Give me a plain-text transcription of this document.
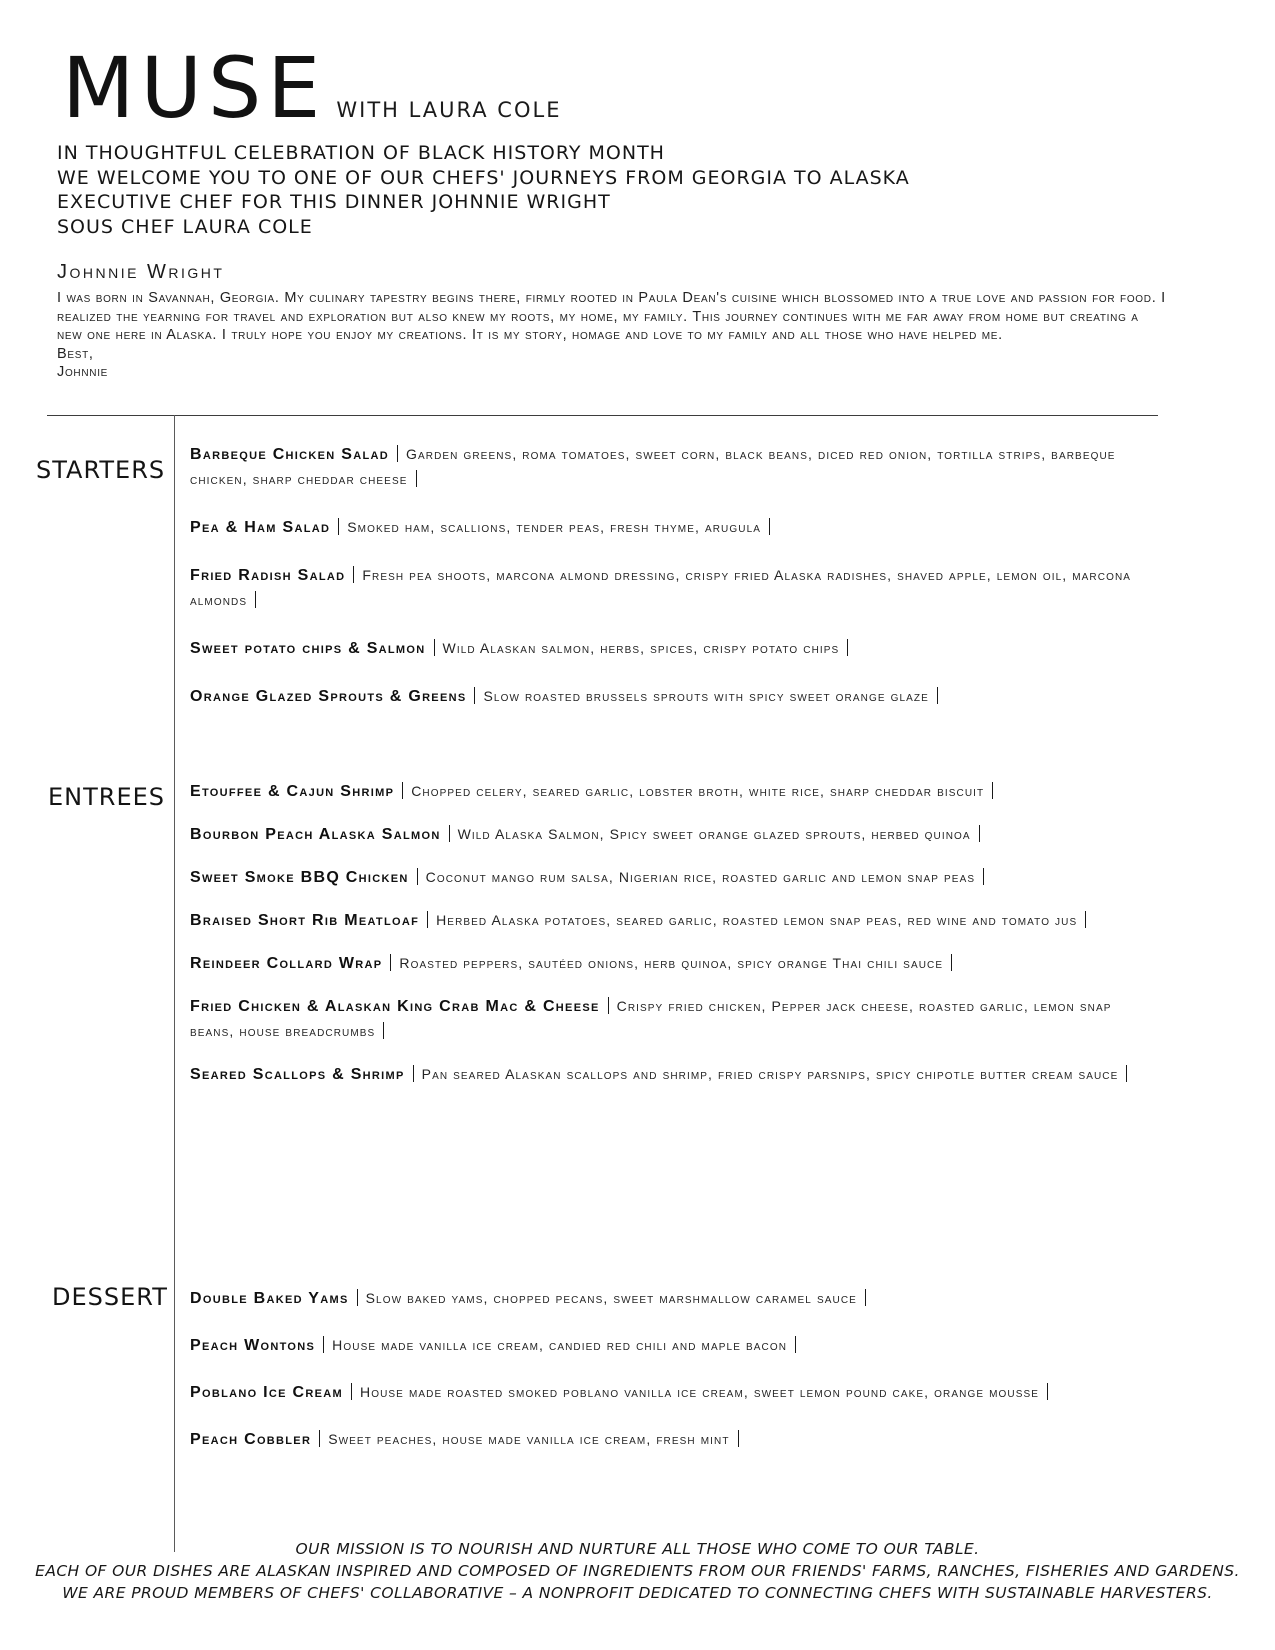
MUSE WITH LAURA COLE
IN THOUGHTFUL CELEBRATION OF BLACK HISTORY MONTH
WE WELCOME YOU TO ONE OF OUR CHEFS' JOURNEYS FROM GEORGIA TO ALASKA
EXECUTIVE CHEF FOR THIS DINNER JOHNNIE WRIGHT
SOUS CHEF LAURA COLE
Johnnie Wright
I was born in Savannah, Georgia. My culinary tapestry begins there, firmly rooted in Paula Dean's cuisine which blossomed into a true love and passion for food. I realized the yearning for travel and exploration but also knew my roots, my home, my family. This journey continues with me far away from home but creating a new one here in Alaska. I truly hope you enjoy my creations. It is my story, homage and love to my family and all those who have helped me.
Best,
Johnnie
STARTERS
ENTREES
DESSERT
Barbeque Chicken Salad Garden greens, roma tomatoes, sweet corn, black beans, diced red onion, tortilla strips, barbeque chicken, sharp cheddar cheese
Pea & Ham Salad Smoked ham, scallions, tender peas, fresh thyme, arugula
Fried Radish Salad Fresh pea shoots, marcona almond dressing, crispy fried Alaska radishes, shaved apple, lemon oil, marcona almonds
Sweet potato chips & Salmon Wild Alaskan salmon, herbs, spices, crispy potato chips
Orange Glazed Sprouts & Greens Slow roasted brussels sprouts with spicy sweet orange glaze
Etouffee & Cajun Shrimp Chopped celery, seared garlic, lobster broth, white rice, sharp cheddar biscuit
Bourbon Peach Alaska Salmon Wild Alaska Salmon, Spicy sweet orange glazed sprouts, herbed quinoa
Sweet Smoke BBQ Chicken Coconut mango rum salsa, Nigerian rice, roasted garlic and lemon snap peas
Braised Short Rib Meatloaf Herbed Alaska potatoes, seared garlic, roasted lemon snap peas, red wine and tomato jus
Reindeer Collard Wrap Roasted peppers, sautéed onions, herb quinoa, spicy orange Thai chili sauce
Fried Chicken & Alaskan King Crab Mac & Cheese Crispy fried chicken, Pepper jack cheese, roasted garlic, lemon snap beans, house breadcrumbs
Seared Scallops & Shrimp Pan seared Alaskan scallops and shrimp, fried crispy parsnips, spicy chipotle butter cream sauce
Double Baked Yams Slow baked yams, chopped pecans, sweet marshmallow caramel sauce
Peach Wontons House made vanilla ice cream, candied red chili and maple bacon
Poblano Ice Cream House made roasted smoked poblano vanilla ice cream, sweet lemon pound cake, orange mousse
Peach Cobbler Sweet peaches, house made vanilla ice cream, fresh mint
OUR MISSION IS TO NOURISH AND NURTURE ALL THOSE WHO COME TO OUR TABLE.
EACH OF OUR DISHES ARE ALASKAN INSPIRED AND COMPOSED OF INGREDIENTS FROM OUR FRIENDS' FARMS, RANCHES, FISHERIES AND GARDENS.
WE ARE PROUD MEMBERS OF CHEFS' COLLABORATIVE – A NONPROFIT DEDICATED TO CONNECTING CHEFS WITH SUSTAINABLE HARVESTERS.
